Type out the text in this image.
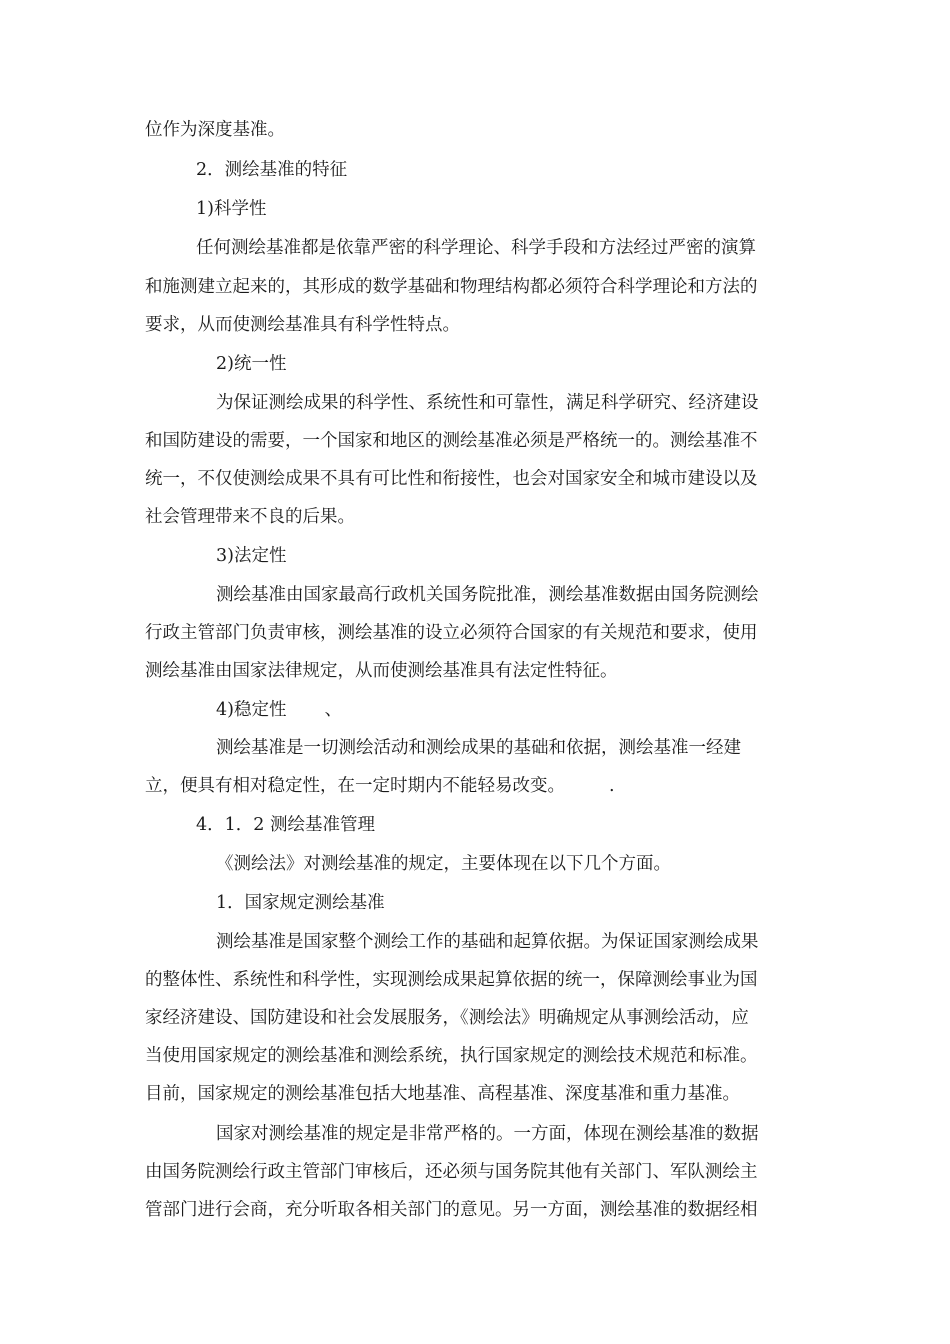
位作为深度基准。
2．测绘基准的特征
1)科学性
任何测绘基准都是依靠严密的科学理论、科学手段和方法经过严密的演算
和施测建立起来的，其形成的数学基础和物理结构都必须符合科学理论和方法的
要求，从而使测绘基准具有科学性特点。
2)统一性
为保证测绘成果的科学性、系统性和可靠性，满足科学研究、经济建设
和国防建设的需要，一个国家和地区的测绘基准必须是严格统一的。测绘基准不
统一，不仅使测绘成果不具有可比性和衔接性，也会对国家安全和城市建设以及
社会管理带来不良的后果。
3)法定性
测绘基准由国家最高行政机关国务院批准，测绘基准数据由国务院测绘
行政主管部门负责审核，测绘基准的设立必须符合国家的有关规范和要求，使用
测绘基准由国家法律规定，从而使测绘基准具有法定性特征。
4)稳定性 、
测绘基准是一切测绘活动和测绘成果的基础和依据，测绘基准一经建
立，便具有相对稳定性，在一定时期内不能轻易改变。	.
4．1．2 测绘基准管理
《测绘法》对测绘基准的规定，主要体现在以下几个方面。
1．国家规定测绘基准
测绘基准是国家整个测绘工作的基础和起算依据。为保证国家测绘成果
的整体性、系统性和科学性，实现测绘成果起算依据的统一，保障测绘事业为国
家经济建设、国防建设和社会发展服务，《测绘法》明确规定从事测绘活动，应
当使用国家规定的测绘基准和测绘系统，执行国家规定的测绘技术规范和标准。
目前，国家规定的测绘基准包括大地基准、高程基准、深度基准和重力基准。
国家对测绘基准的规定是非常严格的。一方面，体现在测绘基准的数据
由国务院测绘行政主管部门审核后，还必须与国务院其他有关部门、军队测绘主
管部门进行会商，充分听取各相关部门的意见。另一方面，测绘基准的数据经相
